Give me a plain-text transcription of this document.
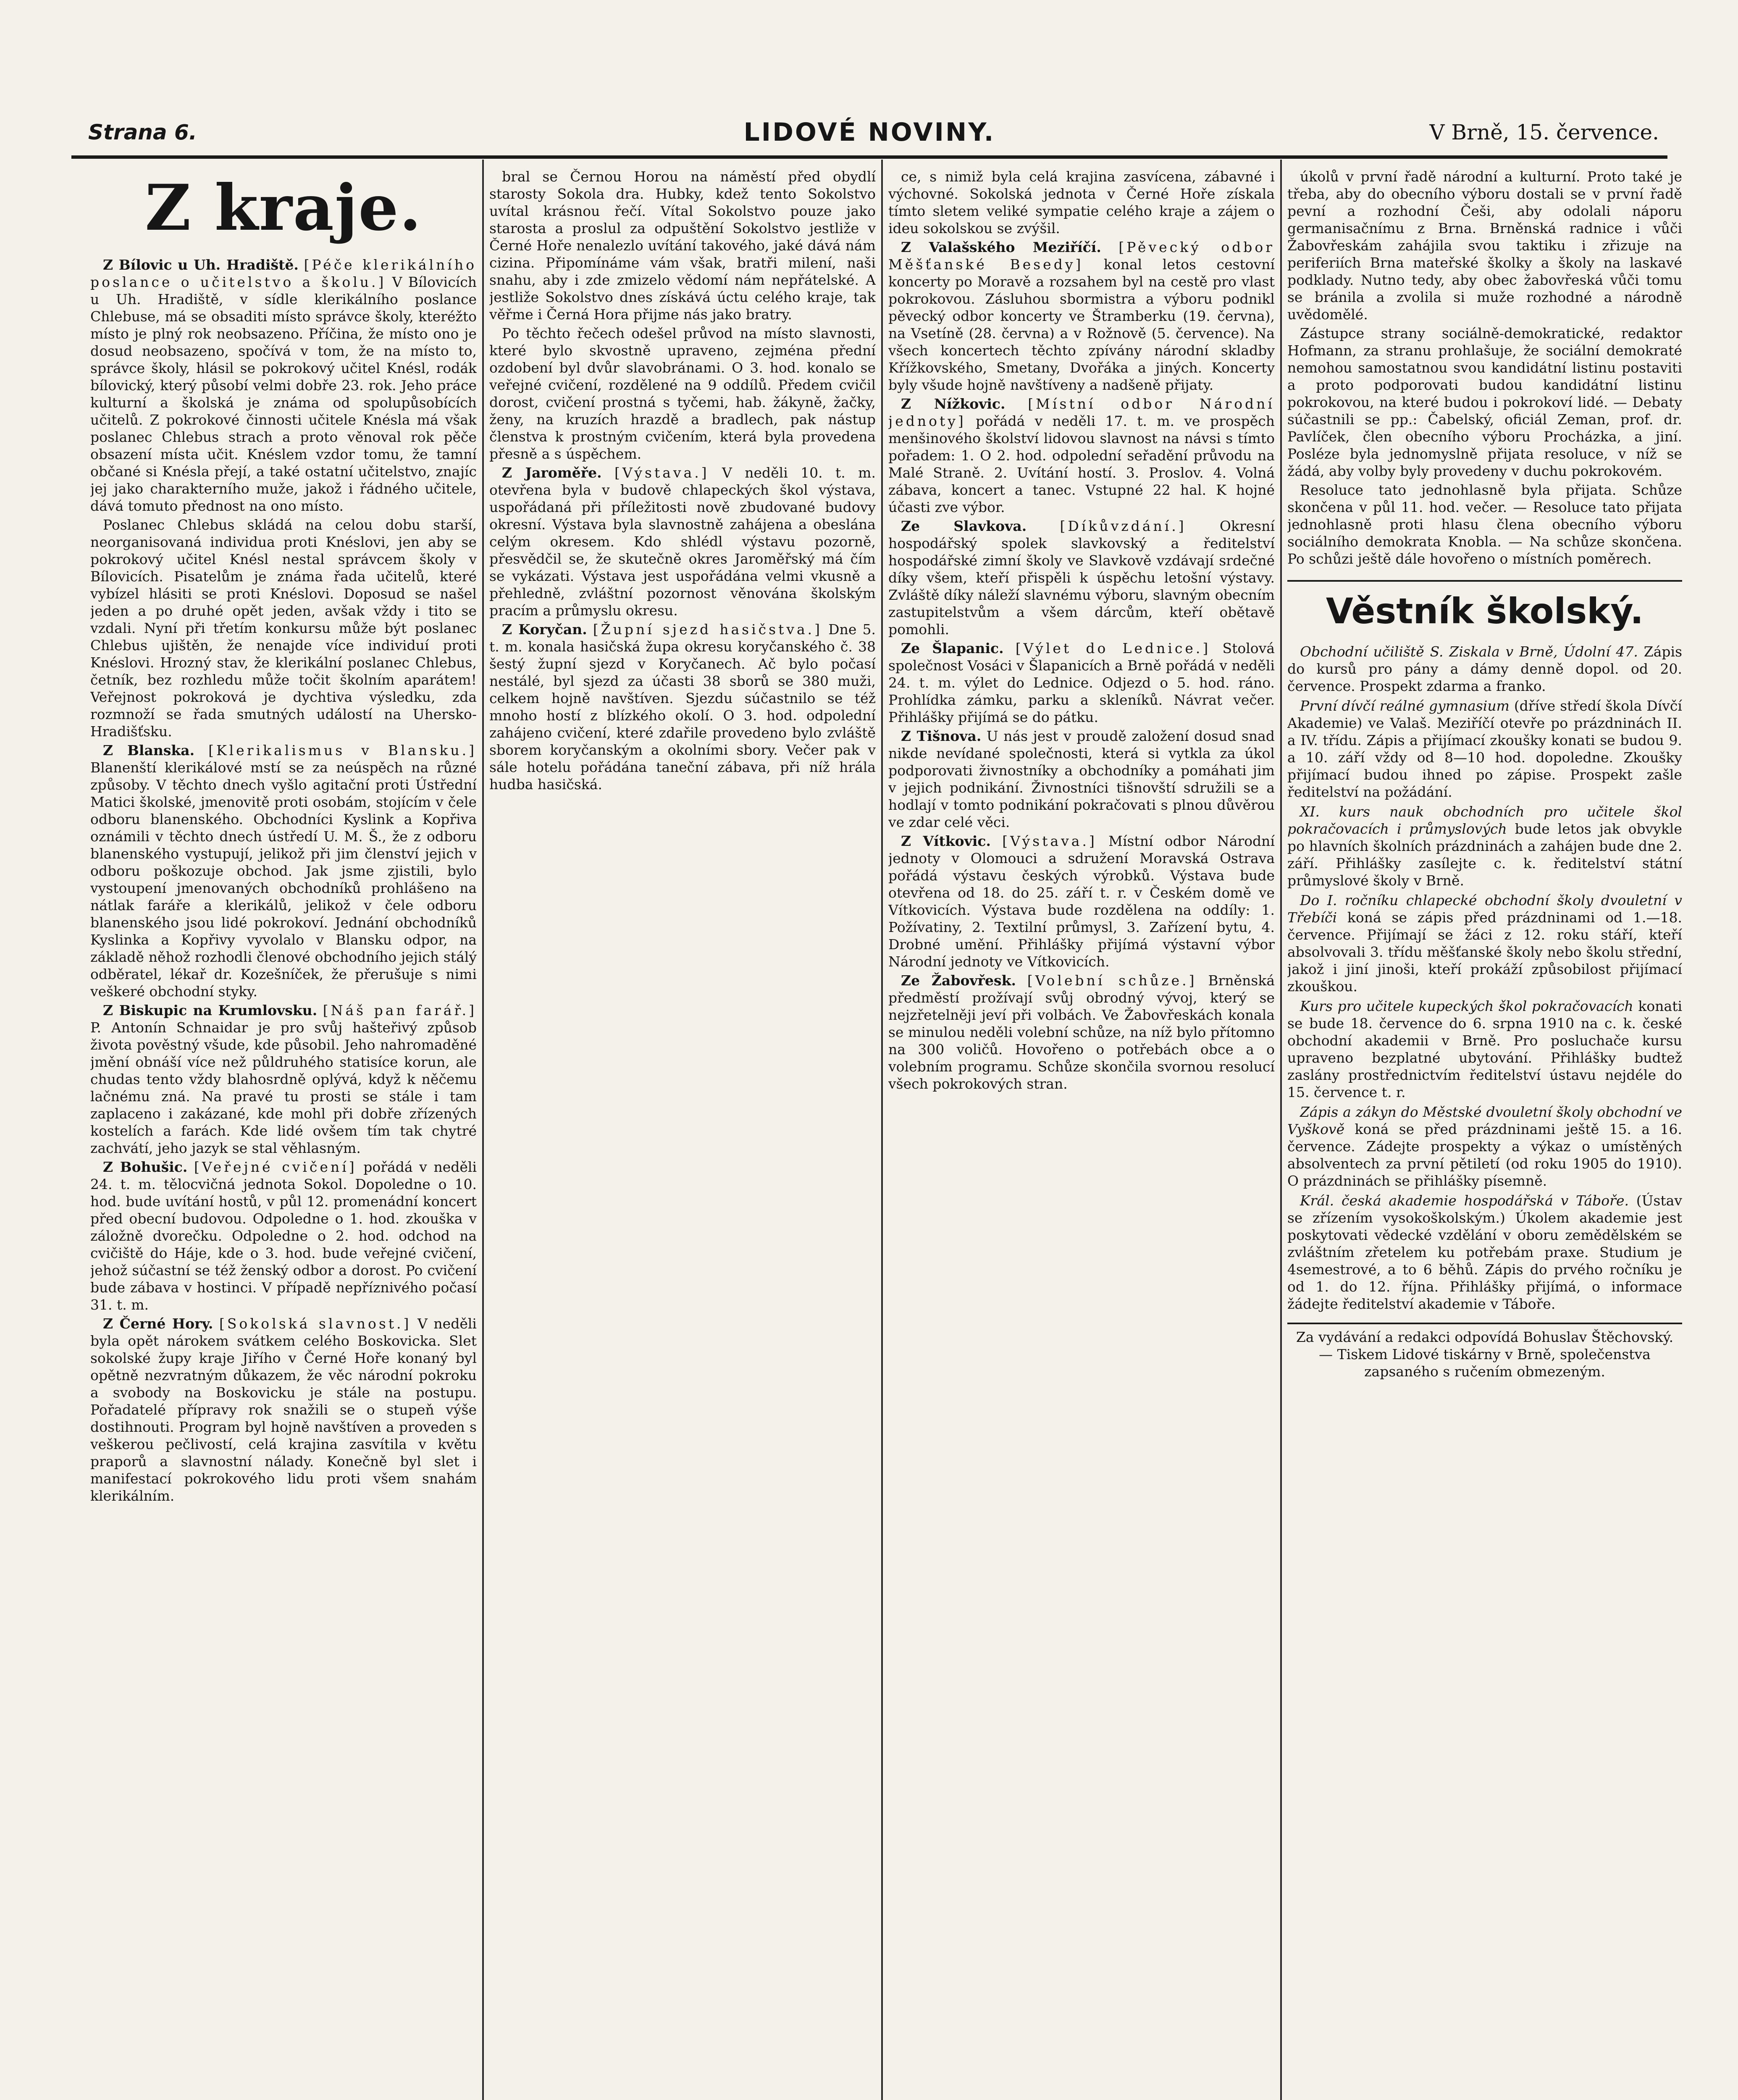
Strana 6.	LIDOVÉ NOVINY.	V Brně, 15. července.
Z kraje.

Z Bílovic u Uh. Hradiště. [Péče klerikálního poslance o učitelstvo a školu.] V Bílovicích u Uh. Hradiště, v sídle klerikálního poslance Chlebuse, má se obsaditi místo správce školy, kteréžto místo je plný rok neobsazeno. Příčina, že místo ono je dosud neobsazeno, spočívá v tom, že na místo to, správce školy, hlásil se pokrokový učitel Knésl, rodák bílovický, který působí velmi dobře 23. rok. Jeho práce kulturní a školská je známa od spolupůsobících učitelů. Z pokrokové činnosti učitele Knésla má však poslanec Chlebus strach a proto věnoval rok pěče obsazení místa učit. Knéslem vzdor tomu, že tamní občané si Knésla přejí, a také ostatní učitelstvo, znajíc jej jako charakterního muže, jakož i řádného učitele, dává tomuto přednost na ono místo.

Poslanec Chlebus skládá na celou dobu starší, neorganisovaná individua proti Knéslovi, jen aby se pokrokový učitel Knésl nestal správcem školy v Bílovicích. Pisatelům je známa řada učitelů, které vybízel hlásiti se proti Knéslovi. Doposud se našel jeden a po druhé opět jeden, avšak vždy i tito se vzdali. Nyní při třetím konkursu může být poslanec Chlebus ujištěn, že nenajde více individuí proti Knéslovi. Hrozný stav, že klerikální poslanec Chlebus, četník, bez rozhledu může točit školním aparátem! Veřejnost pokroková je dychtiva výsledku, zda rozmnoží se řada smutných událostí na Uhersko-Hradišťsku.

Z Blanska. [Klerikalismus v Blansku.] Blanenští klerikálové mstí se za neúspěch na různé způsoby. V těchto dnech vyšlo agitační proti Ústřední Matici školské, jmenovitě proti osobám, stojícím v čele odboru blanenského. Obchodníci Kyslink a Kopřiva oznámili v těchto dnech ústředí U. M. Š., že z odboru blanenského vystupují, jelikož při jim členství jejich v odboru poškozuje obchod. Jak jsme zjistili, bylo vystoupení jmenovaných obchodníků prohlášeno na nátlak faráře a klerikálů, jelikož v čele odboru blanenského jsou lidé pokrokoví. Jednání obchodníků Kyslinka a Kopřivy vyvolalo v Blansku odpor, na základě něhož rozhodli členové obchodního jejich stálý odběratel, lékař dr. Kozešníček, že přerušuje s nimi veškeré obchodní styky.

Z Biskupic na Krumlovsku. [Náš pan farář.] P. Antonín Schnaidar je pro svůj hašteřivý způsob života pověstný všude, kde působil. Jeho nahromaděné jmění obnáší více než půldruhého statisíce korun, ale chudas tento vždy blahosrdně oplývá, když k něčemu lačnému zná. Na pravé tu prosti se stále i tam zaplaceno i zakázané, kde mohl při dobře zřízených kostelích a farách. Kde lidé ovšem tím tak chytré zachvátí, jeho jazyk se stal věhlasným.

Z Bohušic. [Veřejné cvičení] pořádá v neděli 24. t. m. tělocvičná jednota Sokol. Dopoledne o 10. hod. bude uvítání hostů, v půl 12. promenádní koncert před obecní budovou. Odpoledne o 1. hod. zkouška v záložně dvorečku. Odpoledne o 2. hod. odchod na cvičiště do Háje, kde o 3. hod. bude veřejné cvičení, jehož súčastní se též ženský odbor a dorost. Po cvičení bude zábava v hostinci. V případě nepříznivého počasí 31. t. m.

Z Černé Hory. [Sokolská slavnost.] V neděli byla opět nárokem svátkem celého Boskovicka. Slet sokolské župy kraje Jiřího v Černé Hoře konaný byl opětně nezvratným důkazem, že věc národní pokroku a svobody na Boskovicku je stále na postupu. Pořadatelé přípravy rok snažili se o stupeň výše dostihnouti. Program byl hojně navštíven a proveden s veškerou pečlivostí, celá krajina zasvítila v květu praporů a slavnostní nálady. Konečně byl slet i manifestací pokrokového lidu proti všem snahám klerikálním.

bral se Černou Horou na náměstí před obydlí starosty Sokola dra. Hubky, kdež tento Sokolstvo uvítal krásnou řečí. Vítal Sokolstvo pouze jako starosta a proslul za odpuštění Sokolstvo jestliže v Černé Hoře nenalezlo uvítání takového, jaké dává nám cizina. Připomínáme vám však, bratři milení, naši snahu, aby i zde zmizelo vědomí nám nepřátelské. A jestliže Sokolstvo dnes získává úctu celého kraje, tak věřme i Černá Hora přijme nás jako bratry.

Po těchto řečech odešel průvod na místo slavnosti, které bylo skvostně upraveno, zejména přední ozdobení byl dvůr slavobránami. O 3. hod. konalo se veřejné cvičení, rozdělené na 9 oddílů. Předem cvičil dorost, cvičení prostná s tyčemi, hab. žákyně, žačky, ženy, na kruzích hrazdě a bradlech, pak nástup členstva k prostným cvičením, která byla provedena přesně a s úspěchem.

Z Jaroměře. [Výstava.] V neděli 10. t. m. otevřena byla v budově chlapeckých škol výstava, uspořádaná při příležitosti nově zbudované budovy okresní. Výstava byla slavnostně zahájena a obeslána celým okresem. Kdo shlédl výstavu pozorně, přesvědčil se, že skutečně okres Jaroměřský má čím se vykázati. Výstava jest uspořádána velmi vkusně a přehledně, zvláštní pozornost věnována školským pracím a průmyslu okresu.

Z Koryčan. [Župní sjezd hasičstva.] Dne 5. t. m. konala hasičská župa okresu koryčanského č. 38 šestý župní sjezd v Koryčanech. Ač bylo počasí nestálé, byl sjezd za účasti 38 sborů se 380 muži, celkem hojně navštíven. Sjezdu súčastnilo se též mnoho hostí z blízkého okolí. O 3. hod. odpolední zahájeno cvičení, které zdařile provedeno bylo zvláště sborem koryčanským a okolními sbory. Večer pak v sále hotelu pořádána taneční zábava, při níž hrála hudba hasičská.

ce, s nimiž byla celá krajina zasvícena, zábavné i výchovné. Sokolská jednota v Černé Hoře získala tímto sletem veliké sympatie celého kraje a zájem o ideu sokolskou se zvýšil.

Z Valašského Meziříčí. [Pěvecký odbor Měšťanské Besedy] konal letos cestovní koncerty po Moravě a rozsahem byl na cestě pro vlast pokrokovou. Zásluhou sbormistra a výboru podnikl pěvecký odbor koncerty ve Štramberku (19. června), na Vsetíně (28. června) a v Rožnově (5. července). Na všech koncertech těchto zpívány národní skladby Křížkovského, Smetany, Dvořáka a jiných. Koncerty byly všude hojně navštíveny a nadšeně přijaty.

Z Nížkovic. [Místní odbor Národní jednoty] pořádá v neděli 17. t. m. ve prospěch menšinového školství lidovou slavnost na návsi s tímto pořadem: 1. O 2. hod. odpolední seřadění průvodu na Malé Straně. 2. Uvítání hostí. 3. Proslov. 4. Volná zábava, koncert a tanec. Vstupné 22 hal. K hojné účasti zve výbor.

Ze Slavkova. [Díkůvzdání.] Okresní hospodářský spolek slavkovský a ředitelství hospodářské zimní školy ve Slavkově vzdávají srdečné díky všem, kteří přispěli k úspěchu letošní výstavy. Zvláště díky náleží slavnému výboru, slavným obecním zastupitelstvům a všem dárcům, kteří obětavě pomohli.

Ze Šlapanic. [Výlet do Lednice.] Stolová společnost Vosáci v Šlapanicích a Brně pořádá v neděli 24. t. m. výlet do Lednice. Odjezd o 5. hod. ráno. Prohlídka zámku, parku a skleníků. Návrat večer. Přihlášky přijímá se do pátku.

Z Tišnova. U nás jest v proudě založení dosud snad nikde nevídané společnosti, která si vytkla za úkol podporovati živnostníky a obchodníky a pomáhati jim v jejich podnikání. Živnostníci tišnovští sdružili se a hodlají v tomto podnikání pokračovati s plnou důvěrou ve zdar celé věci.

Z Vítkovic. [Výstava.] Místní odbor Národní jednoty v Olomouci a sdružení Moravská Ostrava pořádá výstavu českých výrobků. Výstava bude otevřena od 18. do 25. září t. r. v Českém domě ve Vítkovicích. Výstava bude rozdělena na oddíly: 1. Požívatiny, 2. Textilní průmysl, 3. Zařízení bytu, 4. Drobné umění. Přihlášky přijímá výstavní výbor Národní jednoty ve Vítkovicích.

Ze Žabovřesk. [Volební schůze.] Brněnská předměstí prožívají svůj obrodný vývoj, který se nejzřetelněji jeví při volbách. Ve Žabovřeskách konala se minulou neděli volební schůze, na níž bylo přítomno na 300 voličů. Hovořeno o potřebách obce a o volebním programu. Schůze skončila svornou resolucí všech pokrokových stran.

úkolů v první řadě národní a kulturní. Proto také je třeba, aby do obecního výboru dostali se v první řadě pevní a rozhodní Češi, aby odolali náporu germanisačnímu z Brna. Brněnská radnice i vůči Žabovřeskám zahájila svou taktiku i zřizuje na periferiích Brna mateřské školky a školy na laskavé podklady. Nutno tedy, aby obec žabovřeská vůči tomu se bránila a zvolila si muže rozhodné a národně uvědomělé.

Zástupce strany sociálně-demokratické, redaktor Hofmann, za stranu prohlašuje, že sociální demokraté nemohou samostatnou svou kandidátní listinu postaviti a proto podporovati budou kandidátní listinu pokrokovou, na které budou i pokrokoví lidé. — Debaty súčastnili se pp.: Čabelský, oficiál Zeman, prof. dr. Pavlíček, člen obecního výboru Procházka, a jiní. Posléze byla jednomyslně přijata resoluce, v níž se žádá, aby volby byly provedeny v duchu pokrokovém.

Resoluce tato jednohlasně byla přijata. Schůze skončena v půl 11. hod. večer. — Resoluce tato přijata jednohlasně proti hlasu člena obecního výboru sociálního demokrata Knobla. — Na schůze skončena. Po schůzi ještě dále hovořeno o místních poměrech.

Věstník školský.

Obchodní učiliště S. Ziskala v Brně, Údolní 47. Zápis do kursů pro pány a dámy denně dopol. od 20. července. Prospekt zdarma a franko.

První dívčí reálné gymnasium (dříve středí škola Dívčí Akademie) ve Valaš. Meziříčí otevře po prázdninách II. a IV. třídu. Zápis a přijímací zkoušky konati se budou 9. a 10. září vždy od 8—10 hod. dopoledne. Zkoušky přijímací budou ihned po zápise. Prospekt zašle ředitelství na požádání.

XI. kurs nauk obchodních pro učitele škol pokračovacích i průmyslových bude letos jak obvykle po hlavních školních prázdninách a zahájen bude dne 2. září. Přihlášky zasílejte c. k. ředitelství státní průmyslové školy v Brně.

Do I. ročníku chlapecké obchodní školy dvouletní v Třebíči koná se zápis před prázdninami od 1.—18. července. Přijímají se žáci z 12. roku stáří, kteří absolvovali 3. třídu měšťanské školy nebo školu střední, jakož i jiní jinoši, kteří prokáží způsobilost přijímací zkouškou.

Kurs pro učitele kupeckých škol pokračovacích konati se bude 18. července do 6. srpna 1910 na c. k. české obchodní akademii v Brně. Pro posluchače kursu upraveno bezplatné ubytování. Přihlášky budtež zaslány prostřednictvím ředitelství ústavu nejdéle do 15. července t. r.

Zápis a zákyn do Městské dvouletní školy obchodní ve Vyškově koná se před prázdninami ještě 15. a 16. července. Zádejte prospekty a výkaz o umístěných absolventech za první pětiletí (od roku 1905 do 1910). O prázdninách se přihlášky písemně.

Král. česká akademie hospodářská v Táboře. (Ústav se zřízením vysokoškolským.) Úkolem akademie jest poskytovati vědecké vzdělání v oboru zemědělském se zvláštním zřetelem ku potřebám praxe. Studium je 4semestrové, a to 6 běhů. Zápis do prvého ročníku je od 1. do 12. října. Přihlášky přijímá, o informace žádejte ředitelství akademie v Táboře.

Za vydávání a redakci odpovídá Bohuslav Štěchovský. — Tiskem Lidové tiskárny v Brně, společenstva zapsaného s ručením obmezeným.
